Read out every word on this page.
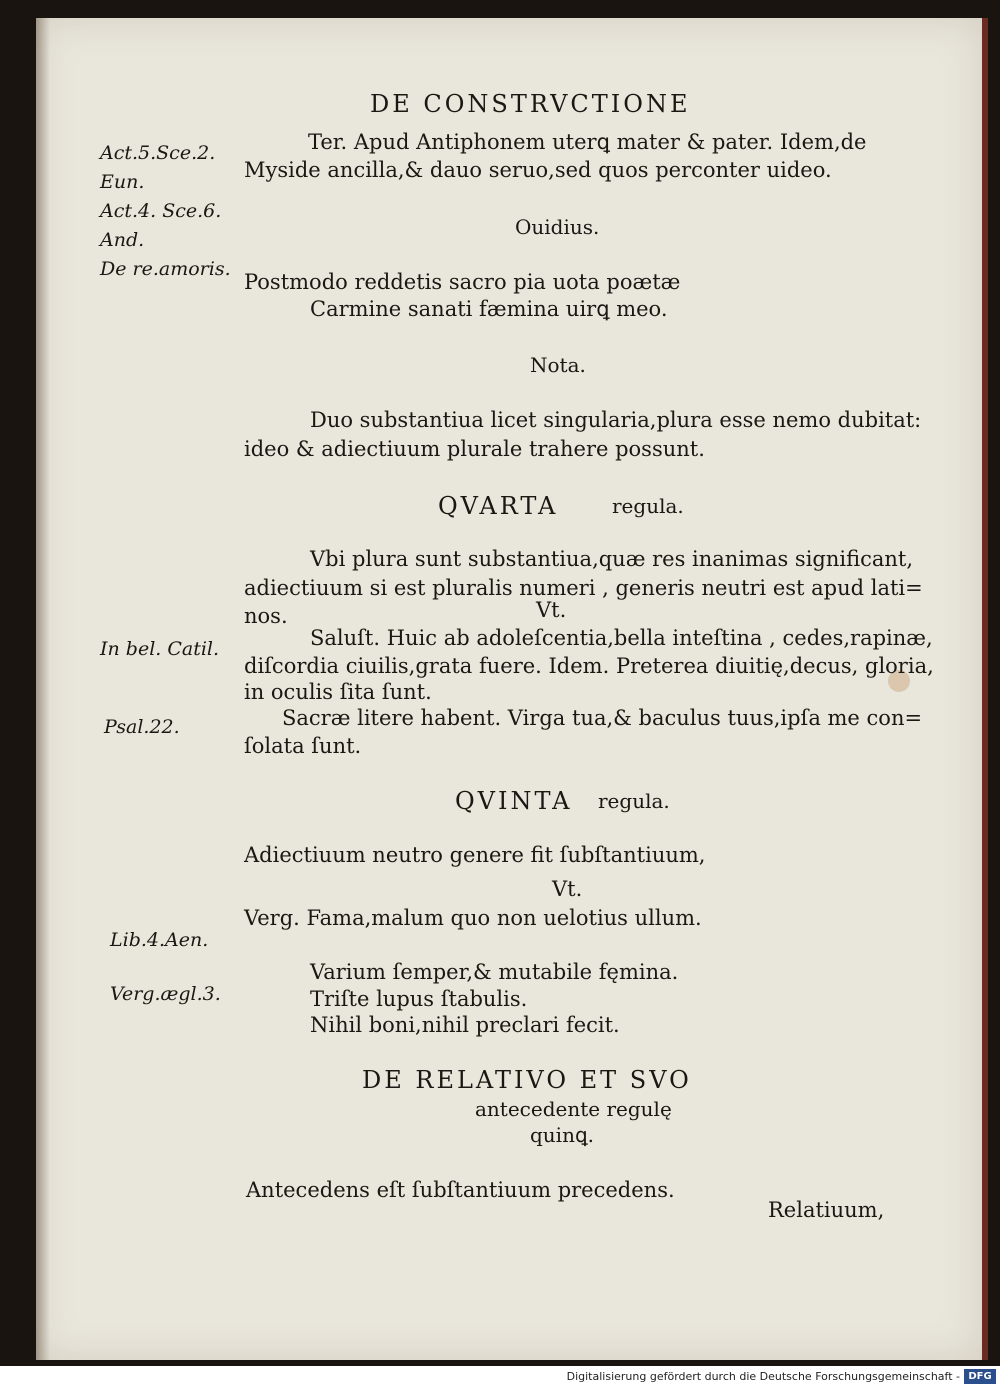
DE CONSTRVCTIONE
Act.5.Sce.2.
Eun.
Act.4. Sce.6.
And.
De re.amoris.
In bel. Catil.
Psal.22.
Lib.4.Aen.
Verg.ægl.3.
Ter. Apud Antiphonem uterꝗ mater & pater. Idem,de
Myside ancilla,& dauo seruo,sed quos perconter uideo.
Ouidius.
Postmodo reddetis sacro pia uota poætæ
Carmine sanati fæmina uirꝗ meo.
Nota.
Duo substantiua licet singularia,plura esse nemo dubitat:
ideo & adiectiuum plurale trahere possunt.
QVARTA	regula.
Vbi plura sunt substantiua,quæ res inanimas significant,
adiectiuum si est pluralis numeri , generis neutri est apud lati=
nos.	Vt.
Saluſt. Huic ab adoleſcentia,bella inteſtina , cedes,rapinæ,
diſcordia ciuilis,grata fuere. Idem. Preterea diuitię,decus, gloria,
in oculis ſita ſunt.
Sacræ litere habent. Virga tua,& baculus tuus,ipſa me con=
ſolata ſunt.
QVINTA regula.
Adiectiuum neutro genere fit ſubſtantiuum,
Vt.
Verg. Fama,malum quo non uelotius ullum.
Varium ſemper,& mutabile fęmina.
Triſte lupus ſtabulis.
Nihil boni,nihil preclari fecit.
DE RELATIVO ET SVO
antecedente regulę
quinꝗ.
Antecedens eſt ſubſtantiuum precedens.
Relatiuum,
Digitalisierung gefördert durch die Deutsche Forschungsgemeinschaft - DFG
